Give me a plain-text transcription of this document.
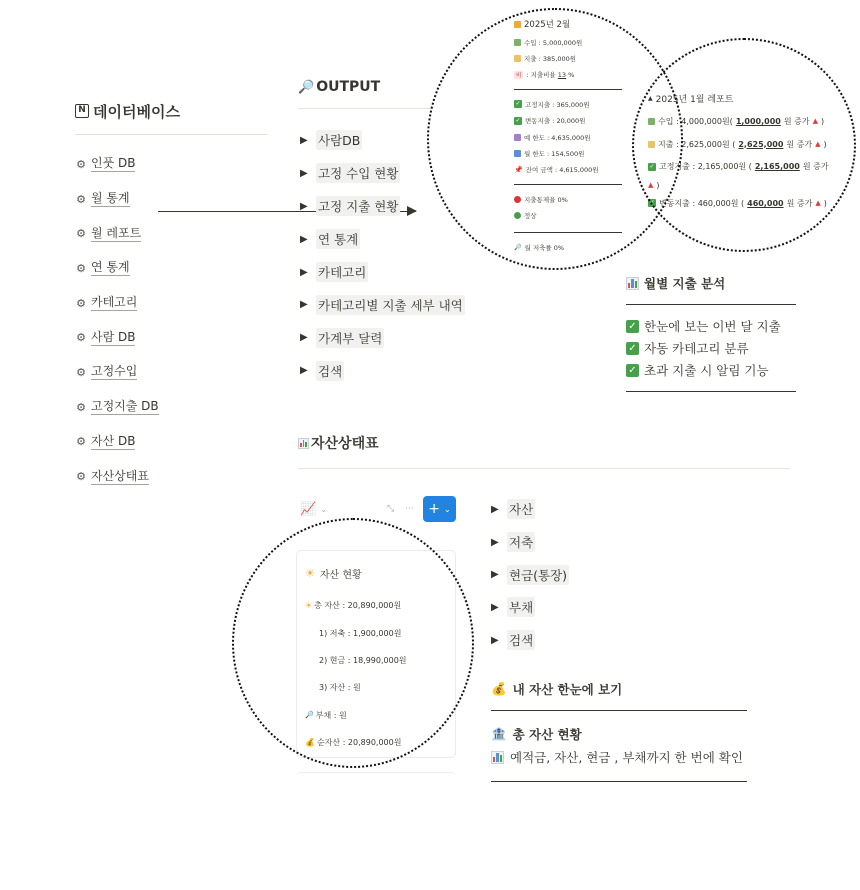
N 데이터베이스
⚙ 인풋 DB
⚙ 월 통계
⚙ 월 레포트
⚙ 연 통계
⚙ 카테고리
⚙ 사람 DB
⚙ 고정수입
⚙ 고정지출 DB
⚙ 자산 DB
⚙ 자산상태표
🔎 OUTPUT
▶ 사람DB
▶ 고정 수입 현황
▶ 고정 지출 현황
▶ 연 통계
▶ 카테고리
▶ 카테고리별 지출 세부 내역
▶ 가계부 달력
▶ 검색
2025년 2월
수입 : 5,000,000원
지출 : 385,000원
비 : 지출비율 13 %
✓ 고정지출 : 365,000원
✓ 변동지출 : 20,000원
예 한도 : 4,635,000원
월 한도 : 154,500원
📌 잔여 금액 : 4,615,000원
지출통제율 0%
정상
🔎 월 저축률 0%
▲ 2025년 1월 레포트
수입 : 4,000,000원( 1,000,000 원 증가 ▲ )
지출 : 2,625,000원 ( 2,625,000 원 증가 ▲ )
✓ 고정지출 : 2,165,000원 ( 2,165,000 원 증가
▲ )
✓ 변동지출 : 460,000원 ( 460,000 원 증가 ▲ )
월별 지출 분석
✓ 한눈에 보는 이번 달 지출
✓ 자동 카테고리 분류
✓ 초과 지출 시 알림 기능
자산상태표
📈 ⌄	⤡ ··· + ⌄
☀ 자산 현황
☀ 총 자산 : 20,890,000원
1) 저축 : 1,900,000원
2) 현금 : 18,990,000원
3) 자산 : 원
🔎 부채 : 원
💰 순자산 : 20,890,000원
▶ 자산
▶ 저축
▶ 현금(통장)
▶ 부채
▶ 검색
💰 내 자산 한눈에 보기
🏦 총 자산 현황
예적금, 자산, 현금 , 부채까지 한 번에 확인
